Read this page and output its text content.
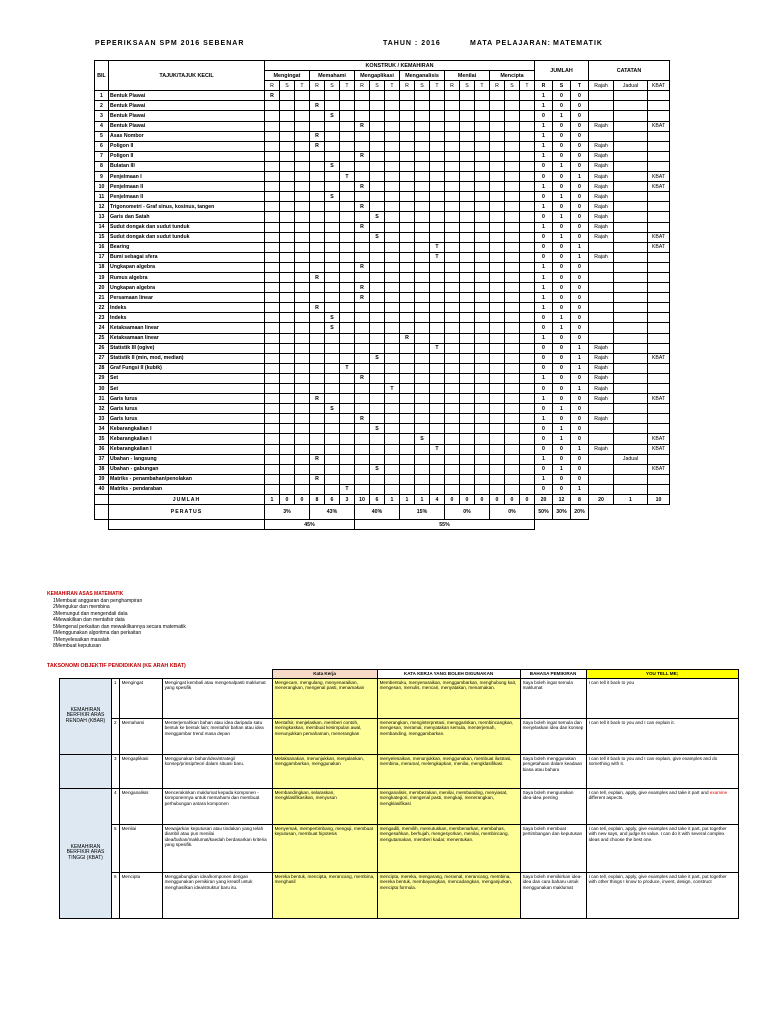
PEPERIKSAAN SPM 2016 SEBENAR	TAHUN : 2016	MATA PELAJARAN: MATEMATIK
BIL	TAJUK/TAJUK KECIL	KONSTRUK / KEMAHIRAN																		JUMLAH			CATATAN		
		Mengingat			Memahami			Mengaplikasi			Menganalisis			Menilai			Mencipta								
		R	S	T	R	S	T	R	S	T	R	S	T	R	S	T	R	S	T	R	S	T	Rajah	Jadual	KBAT
1	Bentuk Piawai	R																		1	0	0			
2	Bentuk Piawai				R															1	0	0			
3	Bentuk Piawai					S														0	1	0			
4	Bentuk Piawai							R												1	0	0	Rajah		KBAT
5	Asas Nombor				R															1	0	0			
6	Poligon II				R															1	0	0	Rajah		
7	Poligon II							R												1	0	0	Rajah		
8	Bulatan III					S														0	1	0	Rajah		
9	Penjelmaan I						T													0	0	1	Rajah		KBAT
10	Penjelmaan II							R												1	0	0	Rajah		KBAT
11	Penjelmaan II					S														0	1	0	Rajah		
12	Trigonometri - Graf sinus, kosinus, tangen							R												1	0	0	Rajah		
13	Garis dan Satah								S											0	1	0	Rajah		
14	Sudut dongak dan sudut tunduk							R												1	0	0	Rajah		
15	Sudut dongak dan sudut tunduk								S											0	1	0	Rajah		KBAT
16	Bearing												T							0	0	1			KBAT
17	Bumi sebagai sfera												T							0	0	1	Rajah		
18	Ungkapan algebra							R												1	0	0			
19	Rumus algebra				R															1	0	0			
20	Ungkapan algebra							R												1	0	0			
21	Persamaan linear							R												1	0	0			
22	Indeks				R															1	0	0			
23	Indeks					S														0	1	0			
24	Ketaksamaan linear					S														0	1	0			
25	Ketaksamaan linear										R									1	0	0			
26	Statistik III (ogive)												T							0	0	1	Rajah		
27	Statistik II (min, mod, median)								S											0	0	1	Rajah		KBAT
28	Graf Fungsi II (kubik)						T													0	0	1	Rajah		
29	Set							R												1	0	0	Rajah		
30	Set									T										0	0	1	Rajah		
31	Garis lurus				R															1	0	0	Rajah		KBAT
32	Garis lurus					S														0	1	0			
33	Garis lurus							R												1	0	0	Rajah		
34	Kebarangkalian I								S											0	1	0			
35	Kebarangkalian I											S								0	1	0			KBAT
36	Kebarangkalian I												T							0	0	1	Rajah		KBAT
37	Ubahan - langsung				R															1	0	0		Jadual	
38	Ubahan - gabungan								S											0	1	0			KBAT
39	Matriks - penambahan/penolakan				R															1	0	0			
40	Matriks - pendaraban						T													0	0	1			
	JUMLAH	1	0	0	8	6	3	10	6	1	1	1	4	0	0	0	0	0	0	20	12	8	20	1	10
	PERATUS	3%			43%			40%			15%			0%			0%			50%	30%	20%			
		45%						55%																	
KEMAHIRAN ASAS MATEMATIK
1Membuat anggaran dan penghampiran
2Mengukur dan membina
3Memungut dan mengendali data
4Mewakilkan dan mentafsir data
5Mengenal perkaitan dan mewakilkannya secara matematik
6Menggunakan algoritma dan perkaitan
7Menyelesaikan masalah
8Membuat keputusan
TAKSONOMI OBJEKTIF PENDIDIKAN (KE ARAH KBAT)
				Kata Kerja	KATA KERJA YANG BOLEH DIGUNAKAN	BAHASA PEMIKIRAN	YOU TELL ME;
KEMAHIRAN BERFIKIR ARAS RENDAH (KBAR)	1	Mengingat	Mengingat kembali atau mengenalpasti maklumat yang spesifik	Mengecam, mengulang, menyenaraikan, menerangkan, mengenal pasti, menamakan	Membentuku, menyenaraikan, menggambarkan, menghubung kait, mengesan, menulis, mencari, menyatakan, menamakan.	Saya boleh ingat semula maklumat	I can tell it back to you
	2	Memahami	Menterjemahkan bahan atau idea daripada satu bentuk ke bentuk lain; mentafsir bahan atau idea menggambar trend masa depan	Mentafsir, menjelaskan, memberi contoh, meringkaskan, membuat kesimpulan awal, menunjukkan pemahaman, menerangkan	menerangkan, menginterpretasi, menggariskan, membincangkan, mengesan, meramal, menyatakan semula, menterjemah, membanding, menggambarkan.	Saya boleh ingat semula dan menjelaskan idea dan konsep	I can tell it back to you and I can explain it.
	3	Mengaplikasi	Menggunakan bahan/idea/strategi/ konsep/prinsip/teori dalam situasi baru.	Melaksanakan, menunjukkan, menjalankan, menggambarkan, menggunakan	menyelesaikan, menunjukkan, menggunakan, membuat ilustrasi, membina, meramal, melengkapkan, menilai, mengklasifikasi.	Saya boleh menggunakan pengetahuan dalam keadaan biasa atau baharu	I can tell it back to you and I can explain, give examples and do something with it.
KEMAHIRAN BERFIKIR ARAS TINGGI (KBAT)	4	Menganalisis	Mencerakinkan maklumat kepada komponen - komponennya untuk memahami dan membuat perhubungan antara komponen	Membandingkan, selaraskan, mengklasifikasikan, menyusun	menganalisis, membezakan, menilai, membanding, menyiasat, mengkategori, mengenal pasti, mengkaji, menerangkan, mengklasifikasi	Saya boleh menguraikan idea-idea penting	I can tell, explain, apply, give examples and take it part and examine different aspects.
	5	Menilai	Mewajarkan keputusan atau tindakan yang telah diambil atau pun menilai idea/bahan/maklumat/kaedah berdasarkan kriteria yang spesifik.	Menyemak, mempertimbang, menguji, membuat keputusan, membuat hipotesis	mengadili, memilih, memutuskan, membenarkan, membahas, mengesahkan, berhujah, mengesyorkan, menilai, membincang, mengutamakan, memberi kadar, menentukan.	Saya boleh membuat pertimbangan dan keputusan	I can tell, explain, apply, give examples and take it part, put together with new says, and judge its value. I can do it with several complex ideas and choose the best one.
	6	Mencipta	Menggabungkan idea/komponen dengan menggunakan pemikiran yang kreatif untuk menghasilkan idea/struktur baru itu.	Mereka bentuk, mencipta, merancang, membina, menghasil	mencipta, mereka, mengarang, meramal, merancang, membina, mereka bentuk, membayangkan, mencadangkan, menganjurkan, mencipta formula.	Saya boleh memikirkan idea-idea dan cara baharu untuk menggunakan maklumat	I can tell, explain, apply, give examples and take it part, put together with other things I know to produce, invent, design, construct
